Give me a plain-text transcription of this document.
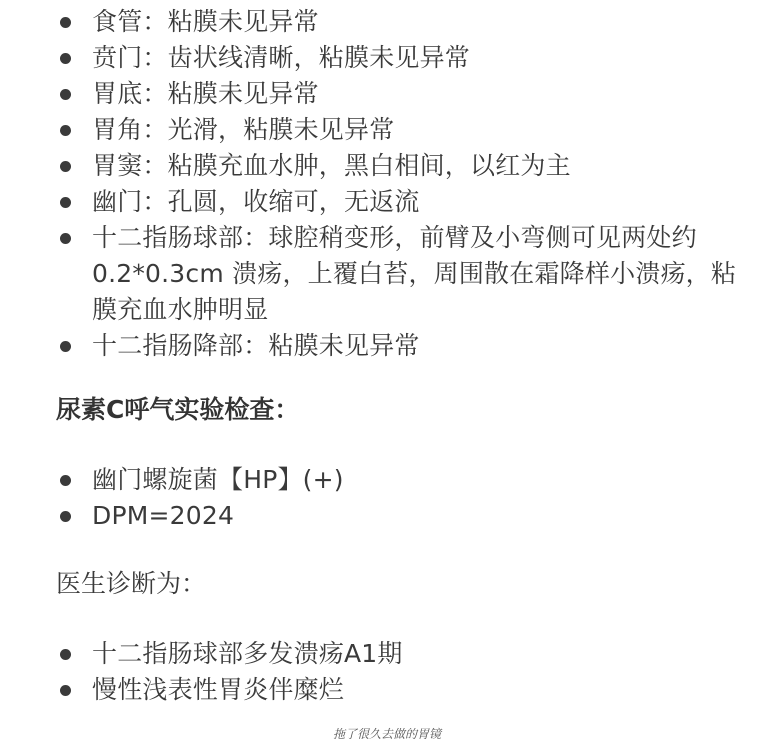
食管：粘膜未见异常
贲门：齿状线清晰，粘膜未见异常
胃底：粘膜未见异常
胃角：光滑，粘膜未见异常
胃窦：粘膜充血水肿，黑白相间，以红为主
幽门：孔圆，收缩可，无返流
十二指肠球部：球腔稍变形，前臂及小弯侧可见两处约0.2*0.3cm 溃疡，上覆白苔，周围散在霜降样小溃疡，粘膜充血水肿明显
十二指肠降部：粘膜未见异常
尿素C呼气实验检查：
幽门螺旋菌【HP】(+)
DPM=2024
医生诊断为：
十二指肠球部多发溃疡A1期
慢性浅表性胃炎伴糜烂
拖了很久去做的胃镜
